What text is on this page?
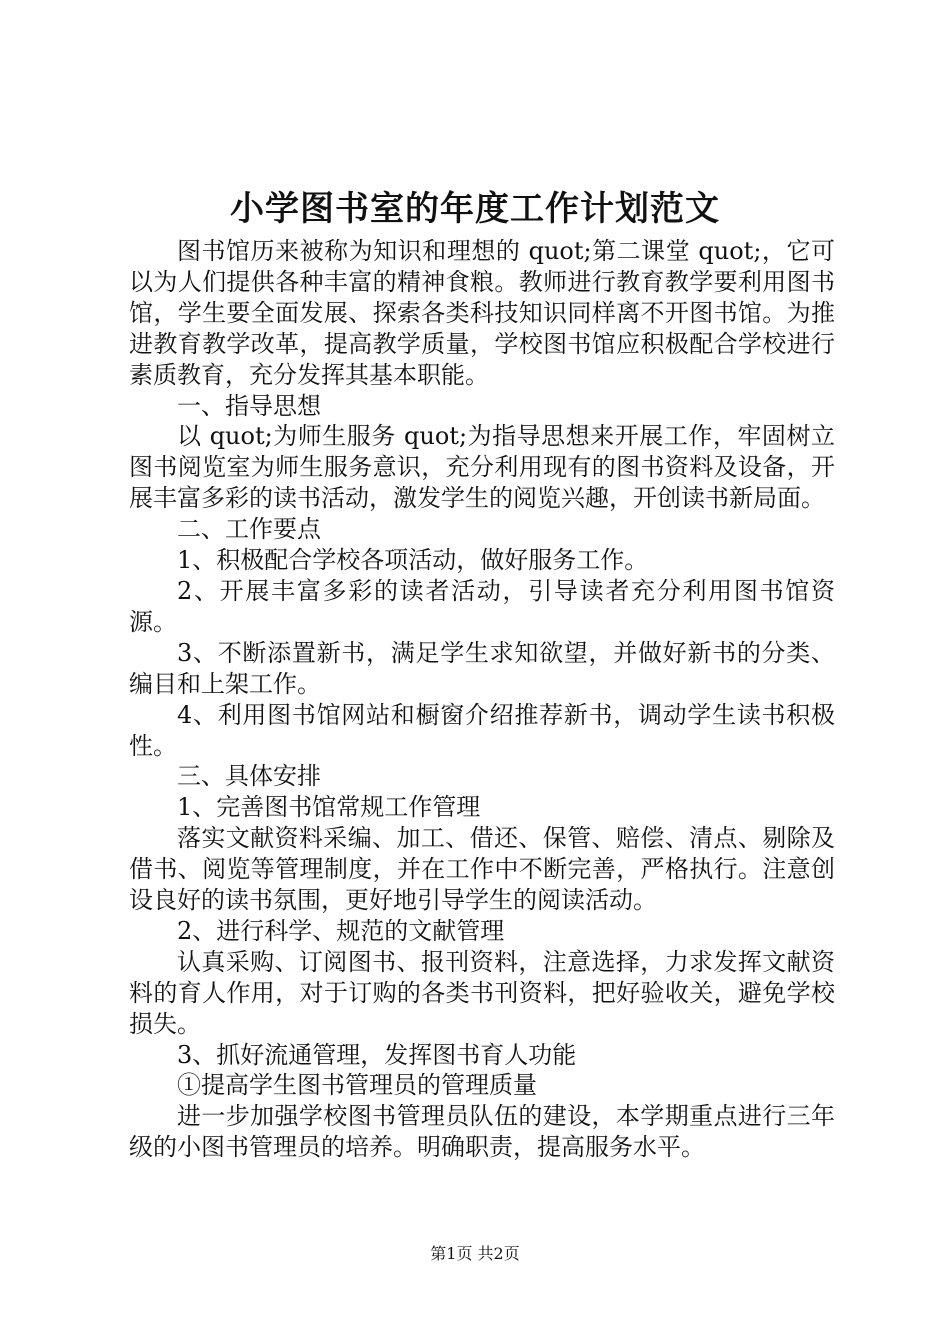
小学图书室的年度工作计划范文

图书馆历来被称为知识和理想的 quot;第二课堂 quot;，它可以为人们提供各种丰富的精神食粮。教师进行教育教学要利用图书馆，学生要全面发展、探索各类科技知识同样离不开图书馆。为推进教育教学改革，提高教学质量，学校图书馆应积极配合学校进行素质教育，充分发挥其基本职能。

一、指导思想

以 quot;为师生服务 quot;为指导思想来开展工作，牢固树立图书阅览室为师生服务意识，充分利用现有的图书资料及设备，开展丰富多彩的读书活动，激发学生的阅览兴趣，开创读书新局面。

二、工作要点

1、积极配合学校各项活动，做好服务工作。

2、开展丰富多彩的读者活动，引导读者充分利用图书馆资源。

3、不断添置新书，满足学生求知欲望，并做好新书的分类、编目和上架工作。

4、利用图书馆网站和橱窗介绍推荐新书，调动学生读书积极性。

三、具体安排

1、完善图书馆常规工作管理

落实文献资料采编、加工、借还、保管、赔偿、清点、剔除及借书、阅览等管理制度，并在工作中不断完善，严格执行。注意创设良好的读书氛围，更好地引导学生的阅读活动。

2、进行科学、规范的文献管理

认真采购、订阅图书、报刊资料，注意选择，力求发挥文献资料的育人作用，对于订购的各类书刊资料，把好验收关，避免学校损失。

3、抓好流通管理，发挥图书育人功能

①提高学生图书管理员的管理质量

进一步加强学校图书管理员队伍的建设，本学期重点进行三年级的小图书管理员的培养。明确职责，提高服务水平。

第1页 共2页
